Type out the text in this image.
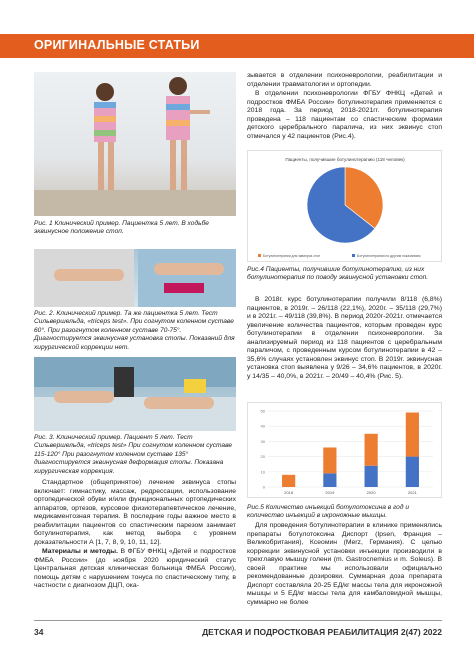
ОРИГИНАЛЬНЫЕ СТАТЬИ
Рис. 1 Клинический пример. Пациентка 5 лет. В ходьбе эквинусное положение стоп.
Рис. 2. Клинический пример. Та же пациентка 5 лет. Тест Сильвершельда, «triceps test». При согнутом коленном суставе 60°. При разогнутом коленном суставе 70-75°. Диагностируется эквинусная установка стопы. Показаний для хирургической коррекции нет.
Рис. 3. Клинический пример. Пациент 5 лет. Тест Сильвершельда, «triceps test» При согнутом коленном суставе 115-120° При разогнутом коленном суставе 135° диагностируется эквинусная деформация стопы. Показана хирургическая коррекция.

Стандартное (общепринятое) лечение эквинуса стопы включает: гимнастику, массаж, редрессации, использование ортопедической обуви и/или функциональных ортопедических аппаратов, ортезов, курсовое физиотерапевтическое лечение, медикаментозная терапия. В последние годы важное место в реабилитации пациентов со спастическим парезом занимает ботулинотерапия, как метод выбора с уровнем доказательности А [1, 7, 8, 9, 10, 11, 12].

Материалы и методы. В ФГБУ ФНКЦ «Детей и подростков ФМБА России» (до ноября 2020 юридический статус Центральная детская клиническая больница ФМБА России), помощь детям с нарушением тонуса по спастическому типу, в частности с диагнозом ДЦП, ока-

зывается в отделении психоневрологии, реабилитации и отделении травматологии и ортопедии.

В отделении психоневрологии ФГБУ ФНКЦ «Детей и подростков ФМБА России» ботулинотерапия применяется с 2018 года. За период 2018-2021гг. ботулинотерапия проведена – 118 пациентам со спастическим формами детского церебрального паралича, из них эквинус стоп отмечался у 42 пациентов (Рис.4).

Пациенты, получившие ботулинотерапию (118 человек)
Ботулинотерапия для эквинуса стоп	Ботулинотерапия по другим показаниям
Рис.4 Пациенты, получившие ботулинотерапию, из них ботулинотерапия по поводу эквинусной установки стоп.

В 2018г. курс ботулинотерапии получили 8/118 (6,8%) пациентов, в 2019г. – 26/118 (22,1%), 2020г. – 35/118 (29,7%) и в 2021г. – 49/118 (39,8%). В период 2020г-2021г. отмечается увеличение количества пациентов, которым проведен курс ботулинотерапии в отделении психоневрологии. За анализируемый период из 118 пациентов с церебральным параличом, с проведенным курсом ботулинотерапии в 42 – 35,6% случаях установлен эквинус стоп. В 2019г. эквинусная установка стоп выявлена у 9/26 – 34,6% пациентов, в 2020г. у 14/35 – 40,0%, в 2021г. – 20/49 – 40,4% (Рис. 5).

0
10
20
30
40
50
2018	2019	2020	2021
Рис.5 Количество инъекций ботулотоксина в год и количество инъекций в икроножные мышцы.

Для проведения ботулинотерапии в клинике применялись препараты ботулотоксина Диспорт (Ipsen, Франция – Великобритания), Ксеомин (Merz, Германия). С целью коррекции эквинусной установки инъекции производили в трехглавую мышцу голени (m. Gastrocnemius и m. Soleus). В своей практике мы использовали официально рекомендованные дозировки. Суммарная доза препарата Диспорт составляла 20-25 ЕД/кг массы тела для икроножной мышцы и 5 ЕД/кг массы тела для камбаловидной мышцы, суммарно не более

34	ДЕТСКАЯ И ПОДРОСТКОВАЯ РЕАБИЛИТАЦИЯ 2(47) 2022
